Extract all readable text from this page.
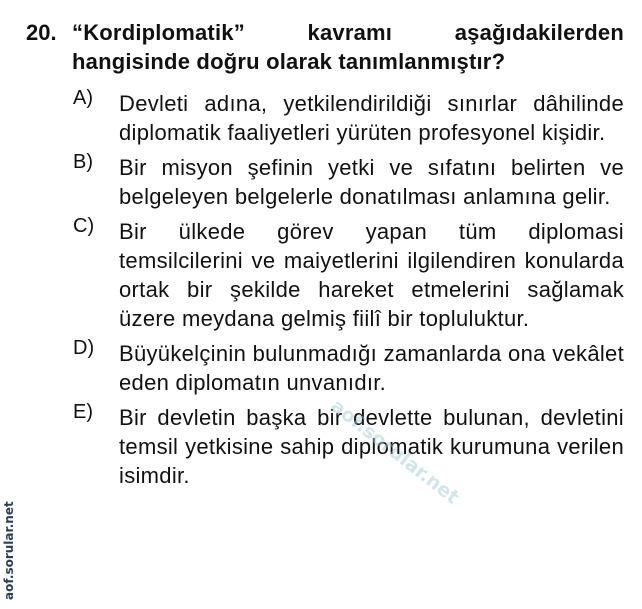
20. “Kordiplomatik” kavramı aşağıdakilerden hangisinde doğru olarak tanımlanmıştır?
A)	Devleti adına, yetkilendirildiği sınırlar dâhilinde diplomatik faaliyetleri yürüten profesyonel kişidir.
B)	Bir misyon şefinin yetki ve sıfatını belirten ve belgeleyen belgelerle donatılması anlamına gelir.
C)	Bir ülkede görev yapan tüm diplomasi temsilcilerini ve maiyetlerini ilgilendiren konularda ortak bir şekilde hareket etmelerini sağlamak üzere meydana gelmiş fiilî bir topluluktur.
D)	Büyükelçinin bulunmadığı zamanlarda ona vekâlet eden diplomatın unvanıdır.
E)	Bir devletin başka bir devlette bulunan, devletini temsil yetkisine sahip diplomatik kurumuna verilen isimdir.	aof.sorular.net
aof.sorular.net
